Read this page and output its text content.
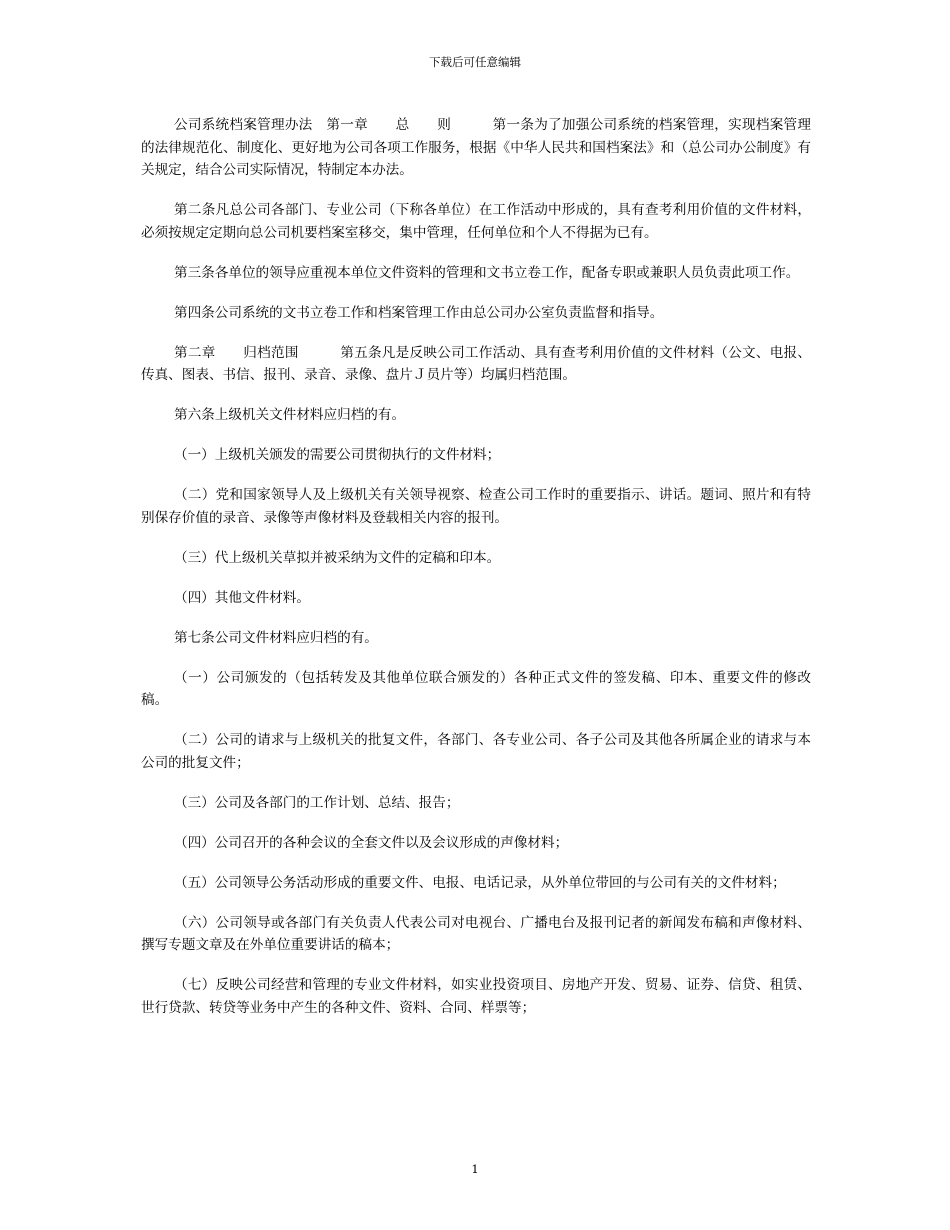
下载后可任意编辑

公司系统档案管理办法　第一章　　总　　则　　　第一条为了加强公司系统的档案管理，实现档案管理的法律规范化、制度化、更好地为公司各项工作服务，根据《中华人民共和国档案法》和（总公司办公制度》有关规定，结合公司实际情况，特制定本办法。

第二条凡总公司各部门、专业公司（下称各单位）在工作活动中形成的，具有查考利用价值的文件材料，必须按规定定期向总公司机要档案室移交，集中管理，任何单位和个人不得据为已有。

第三条各单位的领导应重视本单位文件资料的管理和文书立卷工作，配备专职或兼职人员负责此项工作。

第四条公司系统的文书立卷工作和档案管理工作由总公司办公室负责监督和指导。

第二章　　归档范围　　　第五条凡是反映公司工作活动、具有查考利用价值的文件材料（公文、电报、传真、图表、书信、报刊、录音、录像、盘片Ｊ员片等）均属归档范围。

第六条上级机关文件材料应归档的有。

（一）上级机关颁发的需要公司贯彻执行的文件材料；

（二）党和国家领导人及上级机关有关领导视察、检查公司工作时的重要指示、讲话。题词、照片和有特别保存价值的录音、录像等声像材料及登载相关内容的报刊。

（三）代上级机关草拟并被采纳为文件的定稿和印本。

（四）其他文件材料。

第七条公司文件材料应归档的有。

（一）公司颁发的（包括转发及其他单位联合颁发的）各种正式文件的签发稿、印本、重要文件的修改稿。

（二）公司的请求与上级机关的批复文件，各部门、各专业公司、各子公司及其他各所属企业的请求与本公司的批复文件；

（三）公司及各部门的工作计划、总结、报告；

（四）公司召开的各种会议的全套文件以及会议形成的声像材料；

（五）公司领导公务活动形成的重要文件、电报、电话记录，从外单位带回的与公司有关的文件材料；

（六）公司领导或各部门有关负责人代表公司对电视台、广播电台及报刊记者的新闻发布稿和声像材料、撰写专题文章及在外单位重要讲话的稿本；

（七）反映公司经营和管理的专业文件材料，如实业投资项目、房地产开发、贸易、证券、信贷、租赁、世行贷款、转贷等业务中产生的各种文件、资料、合同、样票等；

1
